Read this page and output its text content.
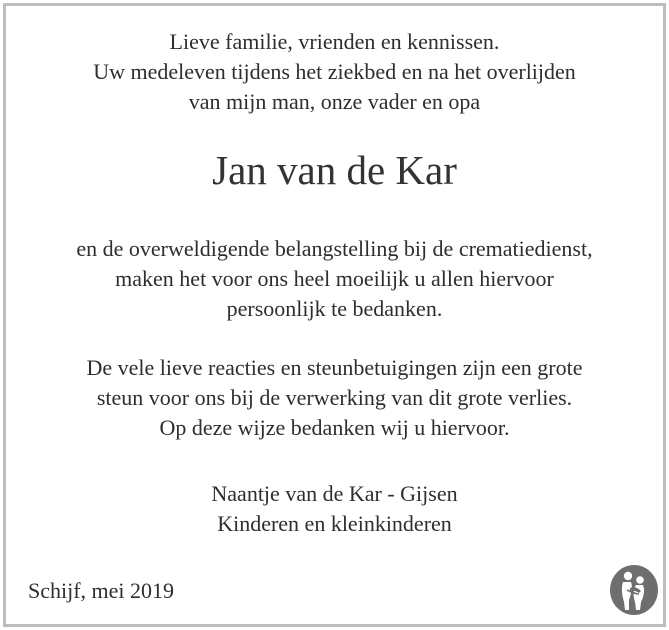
Lieve familie, vrienden en kennissen.
Uw medeleven tijdens het ziekbed en na het overlijden
van mijn man, onze vader en opa
Jan van de Kar
en de overweldigende belangstelling bij de crematiedienst,
maken het voor ons heel moeilijk u allen hiervoor
persoonlijk te bedanken.
De vele lieve reacties en steunbetuigingen zijn een grote
steun voor ons bij de verwerking van dit grote verlies.
Op deze wijze bedanken wij u hiervoor.
Naantje van de Kar - Gijsen
Kinderen en kleinkinderen
Schijf, mei 2019
